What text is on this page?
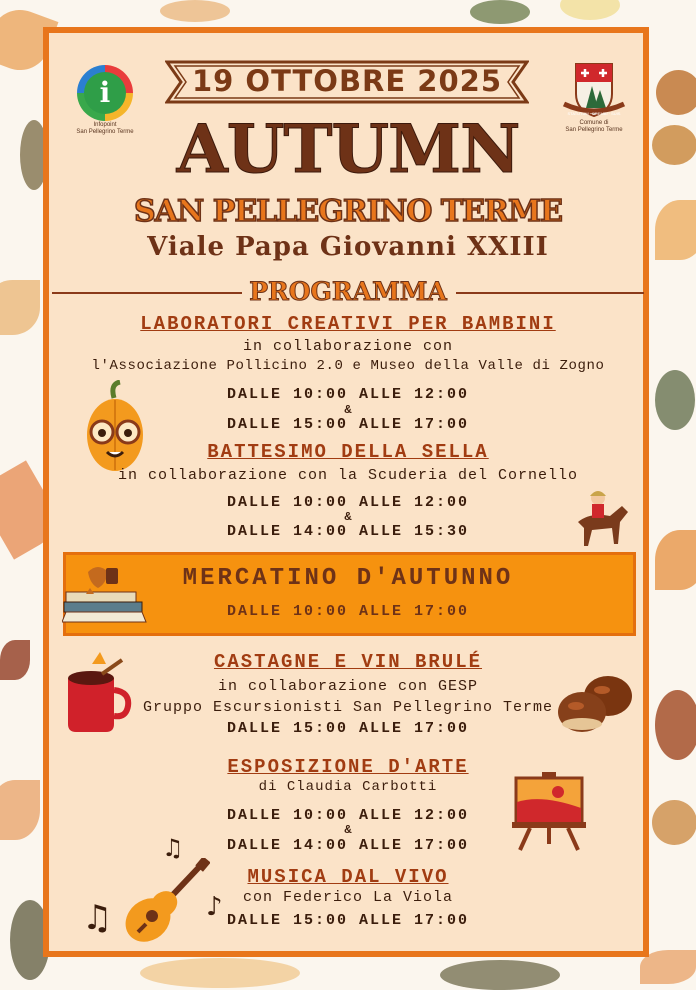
i
Infopoint
San Pellegrino Terme
STATUTUM · BREMBI · SUIS
Comune di
San Pellegrino Terme
19 OTTOBRE 2025
AUTUMN
SAN PELLEGRINO TERME
Viale Papa Giovanni XXIII
PROGRAMMA
LABORATORI CREATIVI PER BAMBINI
in collaborazione con
l'Associazione Pollicino 2.0 e Museo della Valle di Zogno
DALLE 10:00 ALLE 12:00
&
DALLE 15:00 ALLE 17:00
BATTESIMO DELLA SELLA
in collaborazione con la Scuderia del Cornello
DALLE 10:00 ALLE 12:00
&
DALLE 14:00 ALLE 15:30
MERCATINO D'AUTUNNO
DALLE 10:00 ALLE 17:00
CASTAGNE E VIN BRULÉ
in collaborazione con GESP
Gruppo Escursionisti San Pellegrino Terme
DALLE 15:00 ALLE 17:00
ESPOSIZIONE D'ARTE
di Claudia Carbotti
DALLE 10:00 ALLE 12:00
&
DALLE 14:00 ALLE 17:00
MUSICA DAL VIVO
con Federico La Viola
DALLE 15:00 ALLE 17:00
♫
♫	♪
